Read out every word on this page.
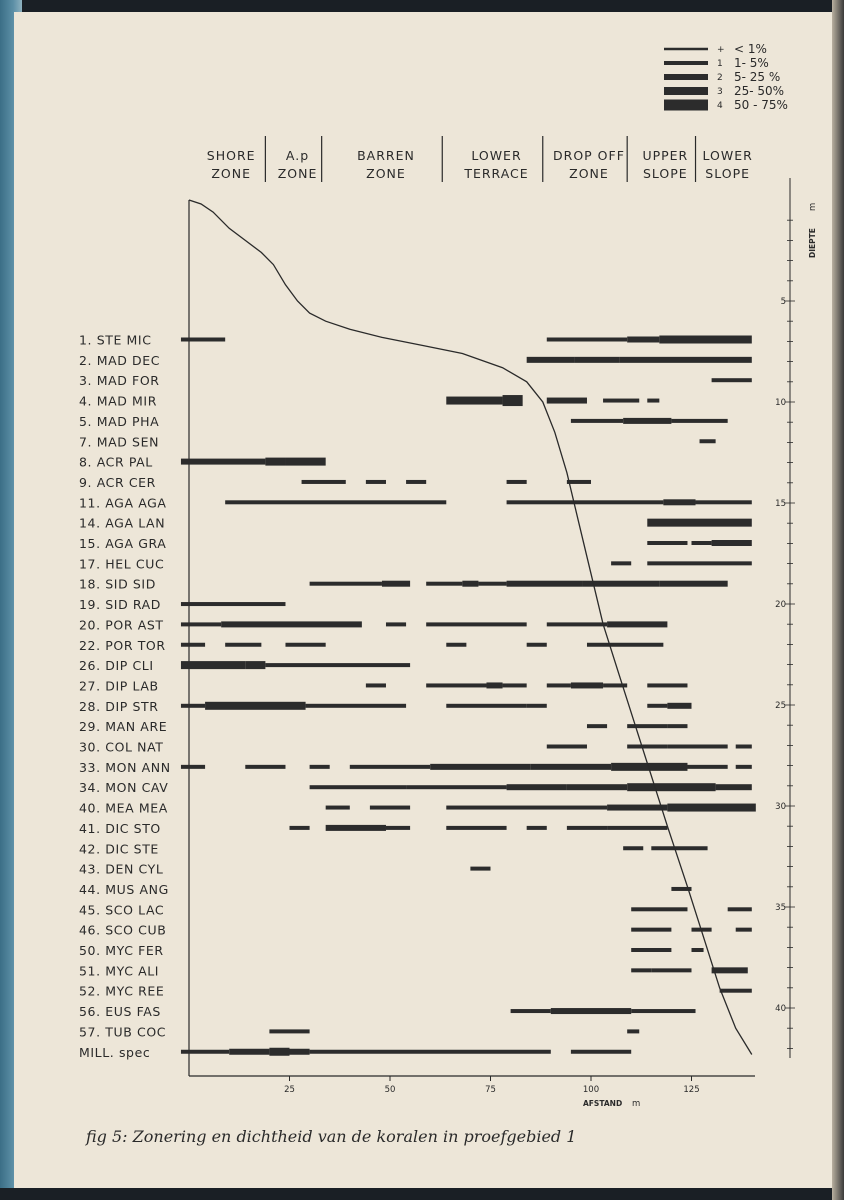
+ < 1%
1 1- 5%
2 5- 25 %
3 25- 50%
4 50 - 75%
SHORE
ZONE
A.p
ZONE
BARREN
ZONE
LOWER
TERRACE
DROP OFF
ZONE
UPPER
SLOPE
LOWER
SLOPE
25	50	75	100	125
AFSTAND m
5
10
15
20
25
30
35
40
DIEPTE
m
1. STE MIC
2. MAD DEC
3. MAD FOR
4. MAD MIR
5. MAD PHA
7. MAD SEN
8. ACR PAL
9. ACR CER
11. AGA AGA
14. AGA LAN
15. AGA GRA
17. HEL CUC
18. SID SID
19. SID RAD
20. POR AST
22. POR TOR
26. DIP CLI
27. DIP LAB
28. DIP STR
29. MAN ARE
30. COL NAT
33. MON ANN
34. MON CAV
40. MEA MEA
41. DIC STO
42. DIC STE
43. DEN CYL
44. MUS ANG
45. SCO LAC
46. SCO CUB
50. MYC FER
51. MYC ALI
52. MYC REE
56. EUS FAS
57. TUB COC
MILL. spec
fig 5: Zonering en dichtheid van de koralen in proefgebied 1
